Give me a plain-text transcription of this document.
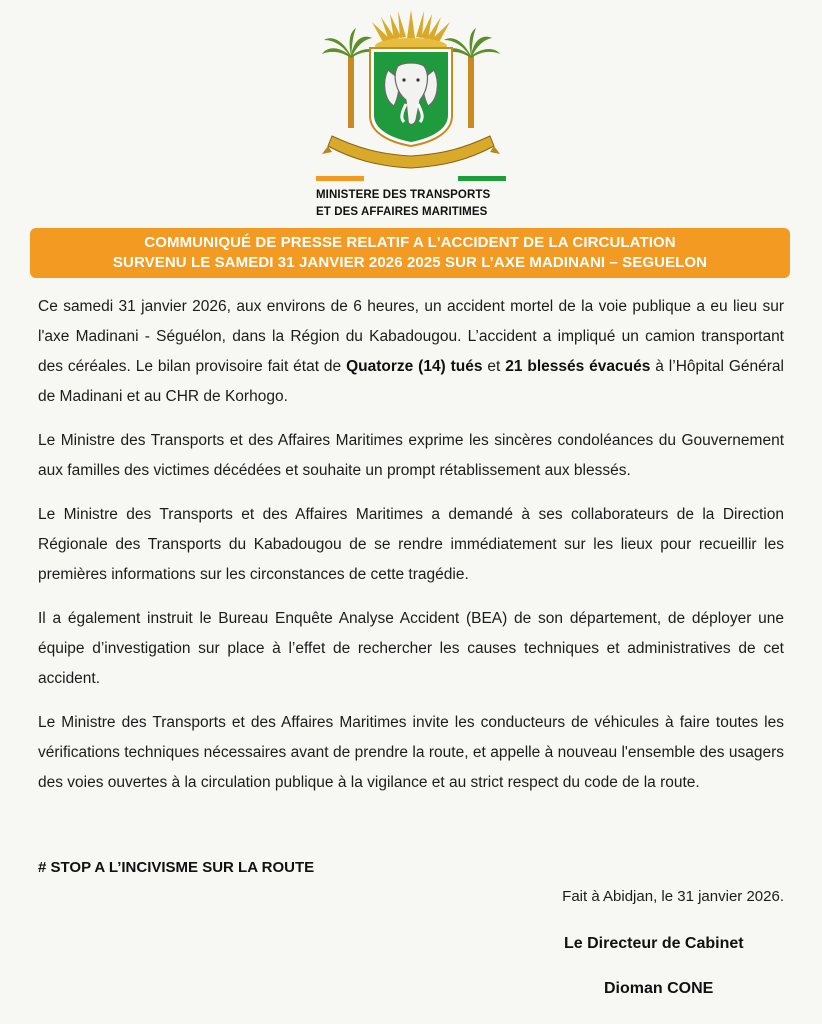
MINISTERE DES TRANSPORTS
ET DES AFFAIRES MARITIMES
COMMUNIQUÉ DE PRESSE RELATIF A L'ACCIDENT DE LA CIRCULATION
SURVENU LE SAMEDI 31 JANVIER 2026 2025 SUR L’AXE MADINANI – SEGUELON

Ce samedi 31 janvier 2026, aux environs de 6 heures, un accident mortel de la voie publique a eu lieu sur l'axe Madinani - Séguélon, dans la Région du Kabadougou. L’accident a impliqué un camion transportant des céréales. Le bilan provisoire fait état de Quatorze (14) tués et 21 blessés évacués à l’Hôpital Général de Madinani et au CHR de Korhogo.

Le Ministre des Transports et des Affaires Maritimes exprime les sincères condoléances du Gouvernement aux familles des victimes décédées et souhaite un prompt rétablissement aux blessés.

Le Ministre des Transports et des Affaires Maritimes a demandé à ses collaborateurs de la Direction Régionale des Transports du Kabadougou de se rendre immédiatement sur les lieux pour recueillir les premières informations sur les circonstances de cette tragédie.

Il a également instruit le Bureau Enquête Analyse Accident (BEA) de son département, de déployer une équipe d’investigation sur place à l’effet de rechercher les causes techniques et administratives de cet accident.

Le Ministre des Transports et des Affaires Maritimes invite les conducteurs de véhicules à faire toutes les vérifications techniques nécessaires avant de prendre la route, et appelle à nouveau l'ensemble des usagers des voies ouvertes à la circulation publique à la vigilance et au strict respect du code de la route.

# STOP A L’INCIVISME SUR LA ROUTE
Fait à Abidjan, le 31 janvier 2026.
Le Directeur de Cabinet
Dioman CONE
